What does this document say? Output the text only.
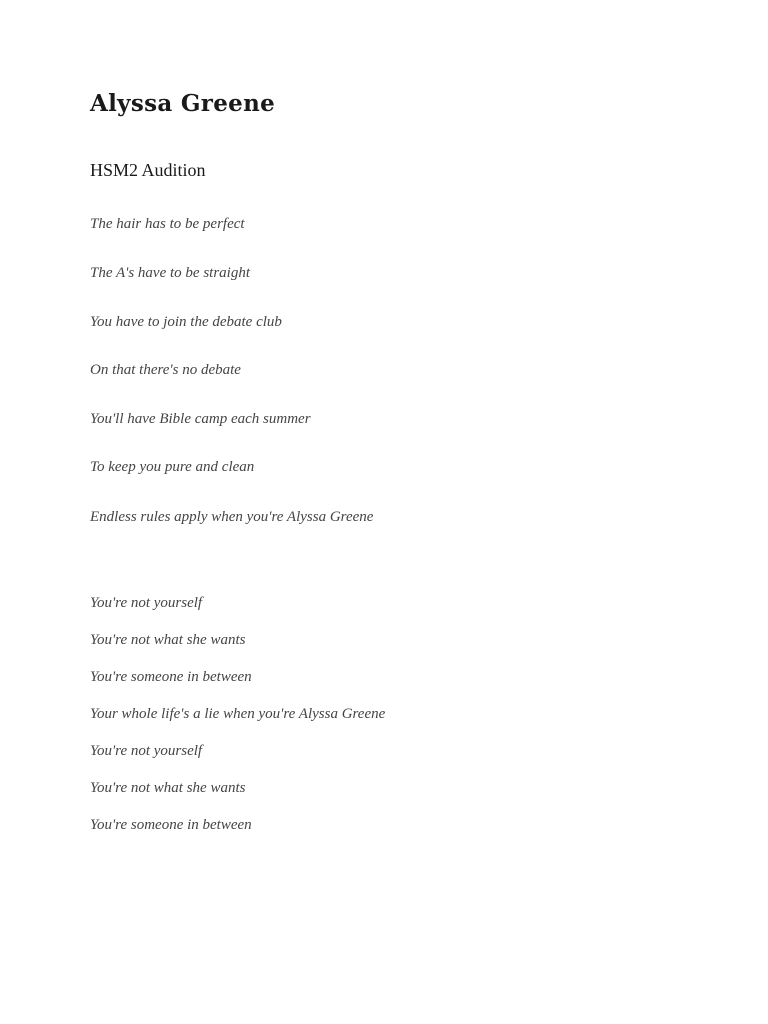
Alyssa Greene
HSM2 Audition

The hair has to be perfect

The A's have to be straight

You have to join the debate club

On that there's no debate

You'll have Bible camp each summer

To keep you pure and clean

Endless rules apply when you're Alyssa Greene

You're not yourself

You're not what she wants

You're someone in between

Your whole life's a lie when you're Alyssa Greene

You're not yourself

You're not what she wants

You're someone in between
